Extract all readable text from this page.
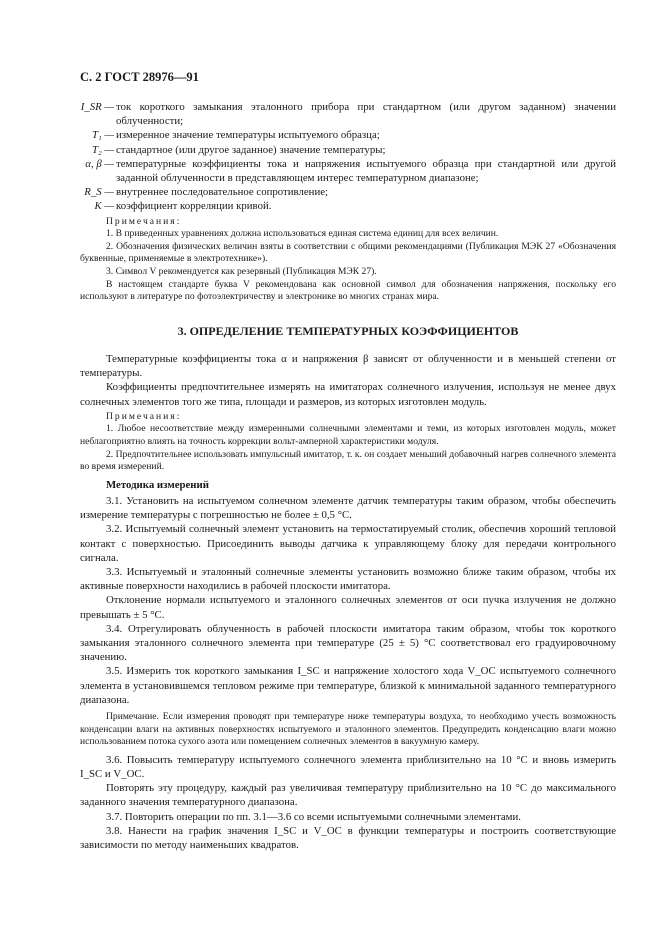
С. 2 ГОСТ 28976—91
I_SR — ток короткого замыкания эталонного прибора при стандартном (или другом заданном) значении облученности;
T₁ — измеренное значение температуры испытуемого образца;
T₂ — стандартное (или другое заданное) значение температуры;
α, β — температурные коэффициенты тока и напряжения испытуемого образца при стандартной или другой заданной облученности в представляющем интерес температурном диапазоне;
R_S — внутреннее последовательное сопротивление;
K — коэффициент корреляции кривой.

Примечания:

1. В приведенных уравнениях должна использоваться единая система единиц для всех величин.

2. Обозначения физических величин взяты в соответствии с общими рекомендациями (Публикация МЭК 27 «Обозначения буквенные, применяемые в электротехнике»).

3. Символ V рекомендуется как резервный (Публикация МЭК 27).

В настоящем стандарте буква V рекомендована как основной символ для обозначения напряжения, поскольку его используют в литературе по фотоэлектричеству и электронике во многих странах мира.

3. ОПРЕДЕЛЕНИЕ ТЕМПЕРАТУРНЫХ КОЭФФИЦИЕНТОВ

Температурные коэффициенты тока α и напряжения β зависят от облученности и в меньшей степени от температуры.

Коэффициенты предпочтительнее измерять на имитаторах солнечного излучения, используя не менее двух солнечных элементов того же типа, площади и размеров, из которых изготовлен модуль.

Примечания:

1. Любое несоответствие между измеренными солнечными элементами и теми, из которых изготовлен модуль, может неблагоприятно влиять на точность коррекции вольт-амперной характеристики модуля.

2. Предпочтительнее использовать импульсный имитатор, т. к. он создает меньший добавочный нагрев солнечного элемента во время измерений.

Методика измерений

3.1. Установить на испытуемом солнечном элементе датчик температуры таким образом, чтобы обеспечить измерение температуры с погрешностью не более ± 0,5 °С.

3.2. Испытуемый солнечный элемент установить на термостатируемый столик, обеспечив хороший тепловой контакт с поверхностью. Присоединить выводы датчика к управляющему блоку для передачи контрольного сигнала.

3.3. Испытуемый и эталонный солнечные элементы установить возможно ближе таким образом, чтобы их активные поверхности находились в рабочей плоскости имитатора.

Отклонение нормали испытуемого и эталонного солнечных элементов от оси пучка излучения не должно превышать ± 5 °С.

3.4. Отрегулировать облученность в рабочей плоскости имитатора таким образом, чтобы ток короткого замыкания эталонного солнечного элемента при температуре (25 ± 5) °С соответствовал его градуировочному значению.

3.5. Измерить ток короткого замыкания I_SC и напряжение холостого хода V_OC испытуемого солнечного элемента в установившемся тепловом режиме при температуре, близкой к минимальной заданного температурного диапазона.

Примечание. Если измерения проводят при температуре ниже температуры воздуха, то необходимо учесть возможность конденсации влаги на активных поверхностях испытуемого и эталонного элементов. Предупредить конденсацию влаги можно использованием потока сухого азота или помещением солнечных элементов в вакуумную камеру.

3.6. Повысить температуру испытуемого солнечного элемента приблизительно на 10 °С и вновь измерить I_SC и V_OC.

Повторять эту процедуру, каждый раз увеличивая температуру приблизительно на 10 °С до максимального заданного значения температурного диапазона.

3.7. Повторить операции по пп. 3.1—3.6 со всеми испытуемыми солнечными элементами.

3.8. Нанести на график значения I_SC и V_OC в функции температуры и построить соответствующие зависимости по методу наименьших квадратов.
